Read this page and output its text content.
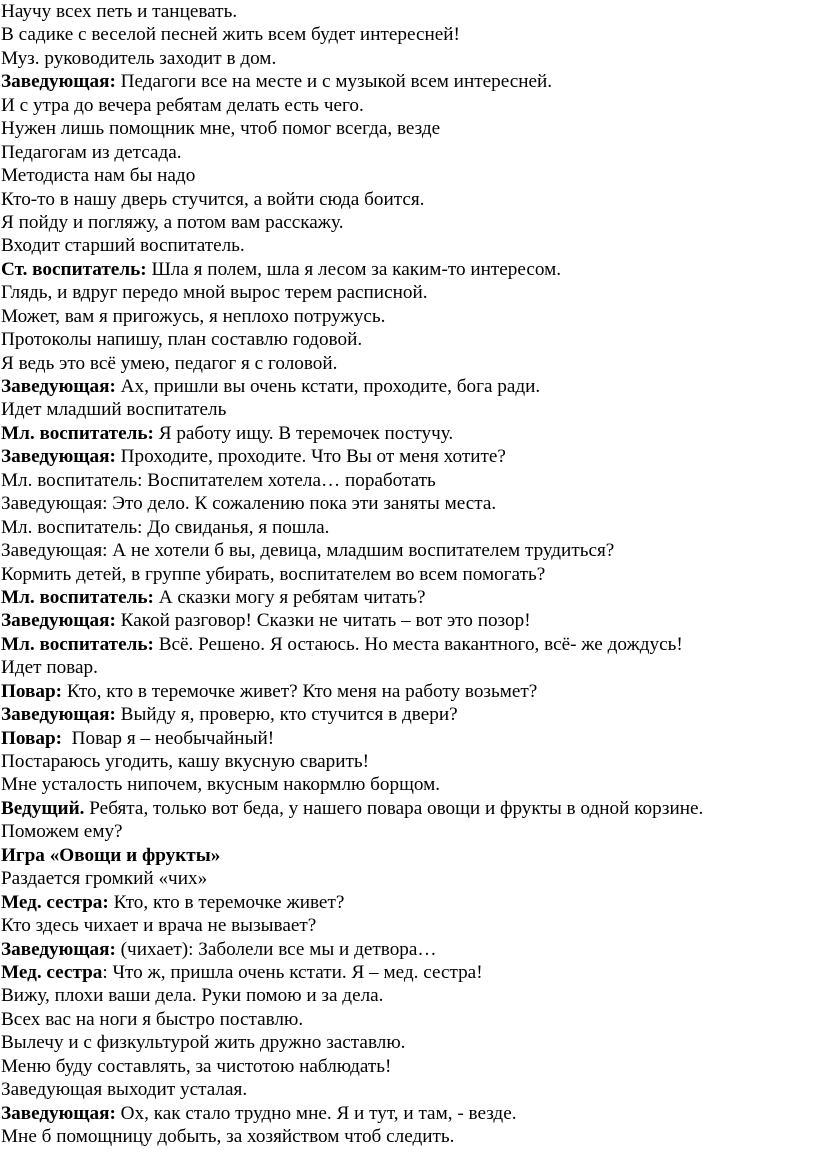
Научу всех петь и танцевать.
В садике с веселой песней жить всем будет интересней!
Муз. руководитель заходит в дом.
Заведующая: Педагоги все на месте и с музыкой всем интересней.
И с утра до вечера ребятам делать есть чего.
Нужен лишь помощник мне, чтоб помог всегда, везде
Педагогам из детсада.
Методиста нам бы надо
Кто-то в нашу дверь стучится, а войти сюда боится.
Я пойду и погляжу, а потом вам расскажу.
Входит старший воспитатель.
Ст. воспитатель: Шла я полем, шла я лесом за каким-то интересом.
Глядь, и вдруг передо мной вырос терем расписной.
Может, вам я пригожусь, я неплохо потружусь.
Протоколы напишу, план составлю годовой.
Я ведь это всё умею, педагог я с головой.
Заведующая: Ах, пришли вы очень кстати, проходите, бога ради.
Идет младший воспитатель
Мл. воспитатель: Я работу ищу. В теремочек постучу.
Заведующая: Проходите, проходите. Что Вы от меня хотите?
Мл. воспитатель: Воспитателем хотела… поработать
Заведующая: Это дело. К сожалению пока эти заняты места.
Мл. воспитатель: До свиданья, я пошла.
Заведующая: А не хотели б вы, девица, младшим воспитателем трудиться?
Кормить детей, в группе убирать, воспитателем во всем помогать?
Мл. воспитатель: А сказки могу я ребятам читать?
Заведующая: Какой разговор! Сказки не читать – вот это позор!
Мл. воспитатель: Всё. Решено. Я остаюсь. Но места вакантного, всё- же дождусь!
Идет повар.
Повар: Кто, кто в теремочке живет? Кто меня на работу возьмет?
Заведующая: Выйду я, проверю, кто стучится в двери?
Повар:  Повар я – необычайный!
Постараюсь угодить, кашу вкусную сварить!
Мне усталость нипочем, вкусным накормлю борщом.
Ведущий. Ребята, только вот беда, у нашего повара овощи и фрукты в одной корзине.
Поможем ему?
Игра «Овощи и фрукты»
Раздается громкий «чих»
Мед. сестра: Кто, кто в теремочке живет?
Кто здесь чихает и врача не вызывает?
Заведующая: (чихает): Заболели все мы и детвора…
Мед. сестра: Что ж, пришла очень кстати. Я – мед. сестра!
Вижу, плохи ваши дела. Руки помою и за дела.
Всех вас на ноги я быстро поставлю.
Вылечу и с физкультурой жить дружно заставлю.
Меню буду составлять, за чистотою наблюдать!
Заведующая выходит усталая.
Заведующая: Ох, как стало трудно мне. Я и тут, и там, - везде.
Мне б помощницу добыть, за хозяйством чтоб следить.
